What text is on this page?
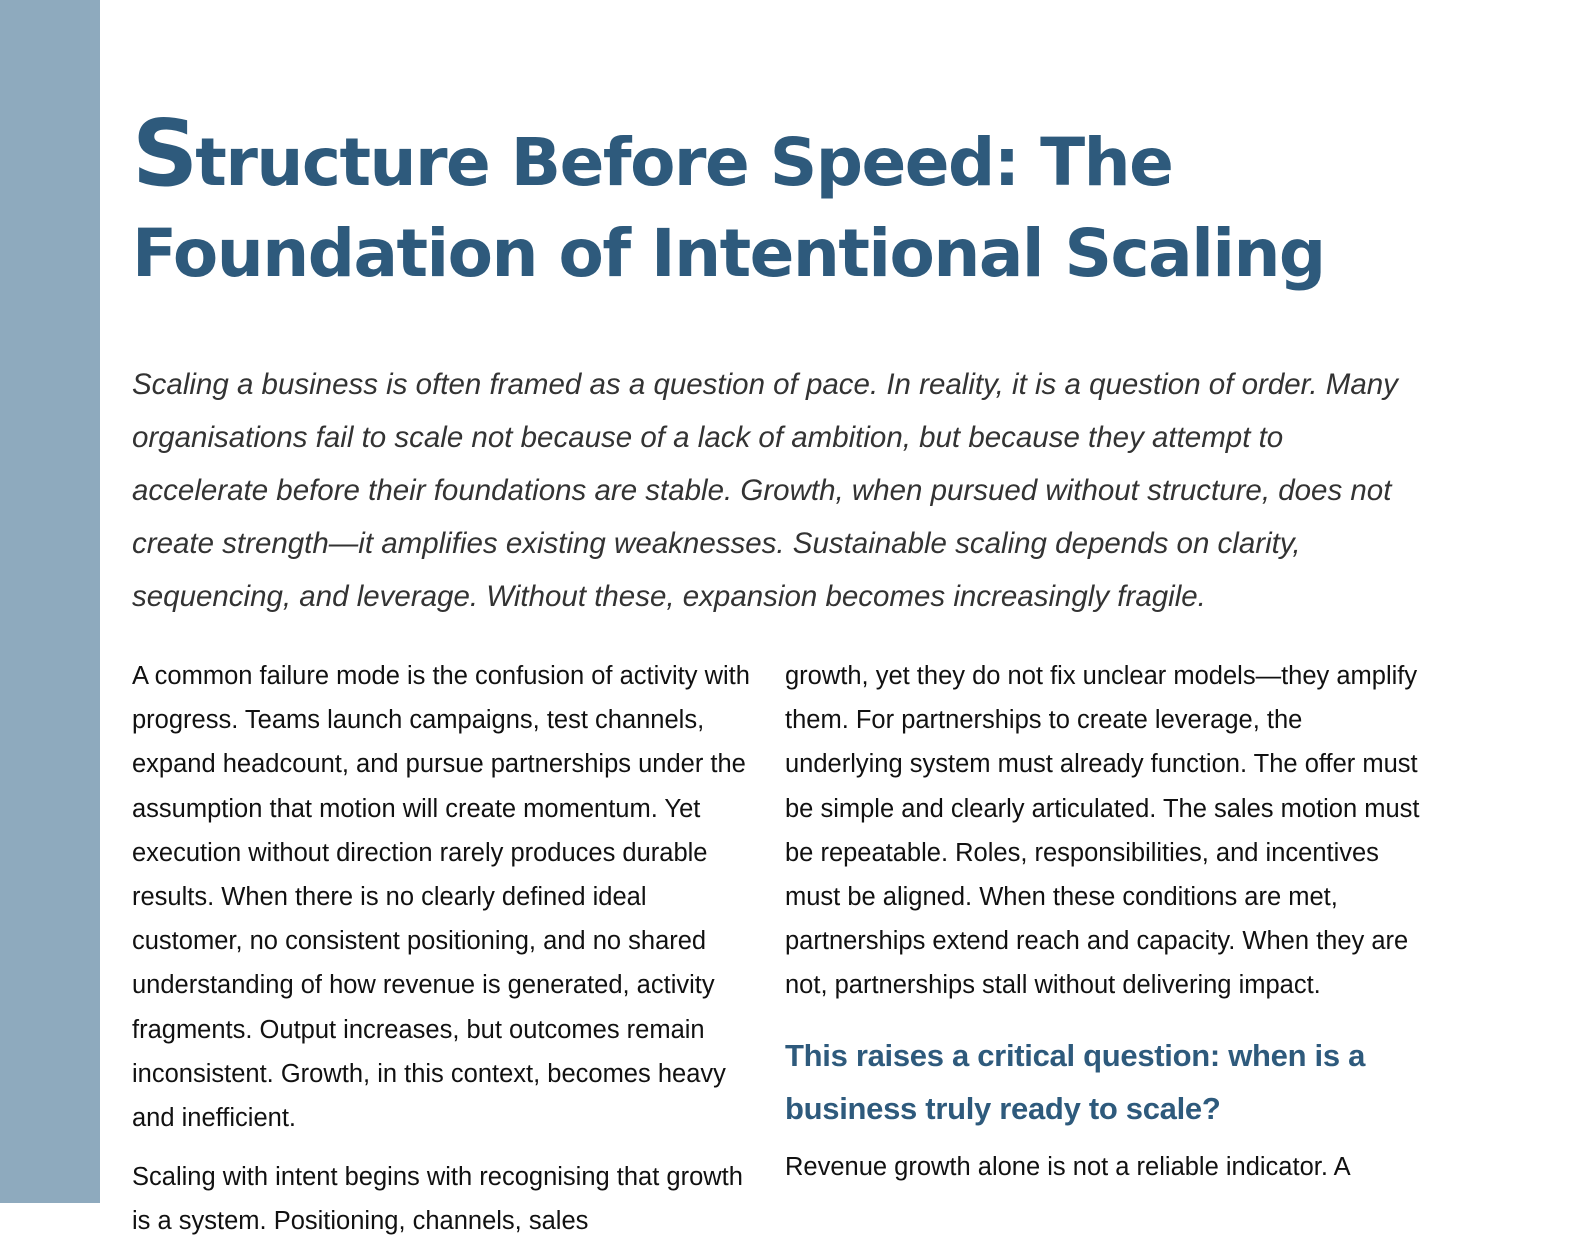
Structure Before Speed: The Foundation of Intentional Scaling

Scaling a business is often framed as a question of pace. In reality, it is a question of order. Many organisations fail to scale not because of a lack of ambition, but because they attempt to accelerate before their foundations are stable. Growth, when pursued without structure, does not create strength—it amplifies existing weaknesses. Sustainable scaling depends on clarity, sequencing, and leverage. Without these, expansion becomes increasingly fragile.

A common failure mode is the confusion of activity with progress. Teams launch campaigns, test channels, expand headcount, and pursue partnerships under the assumption that motion will create momentum. Yet execution without direction rarely produces durable results. When there is no clearly defined ideal customer, no consistent positioning, and no shared understanding of how revenue is generated, activity fragments. Output increases, but outcomes remain inconsistent. Growth, in this context, becomes heavy and inefficient.

Scaling with intent begins with recognising that growth is a system. Positioning, channels, sales

growth, yet they do not fix unclear models—they amplify them. For partnerships to create leverage, the underlying system must already function. The offer must be simple and clearly articulated. The sales motion must be repeatable. Roles, responsibilities, and incentives must be aligned. When these conditions are met, partnerships extend reach and capacity. When they are not, partnerships stall without delivering impact.

This raises a critical question: when is a business truly ready to scale?

Revenue growth alone is not a reliable indicator. A
